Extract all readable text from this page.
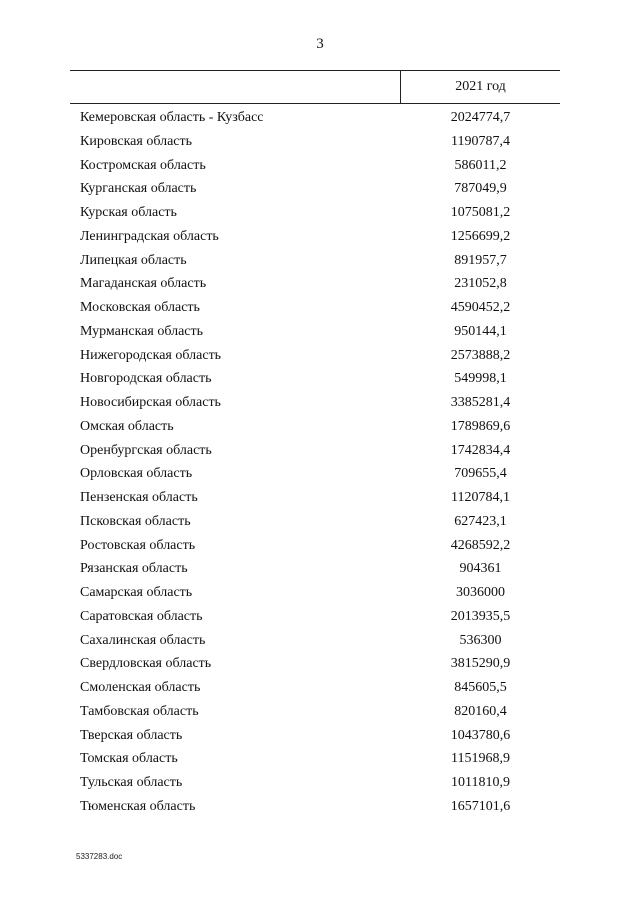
3
2021 год
Кемеровская область - Кузбасс	2024774,7
Кировская область	1190787,4
Костромская область	586011,2
Курганская область	787049,9
Курская область	1075081,2
Ленинградская область	1256699,2
Липецкая область	891957,7
Магаданская область	231052,8
Московская область	4590452,2
Мурманская область	950144,1
Нижегородская область	2573888,2
Новгородская область	549998,1
Новосибирская область	3385281,4
Омская область	1789869,6
Оренбургская область	1742834,4
Орловская область	709655,4
Пензенская область	1120784,1
Псковская область	627423,1
Ростовская область	4268592,2
Рязанская область	904361
Самарская область	3036000
Саратовская область	2013935,5
Сахалинская область	536300
Свердловская область	3815290,9
Смоленская область	845605,5
Тамбовская область	820160,4
Тверская область	1043780,6
Томская область	1151968,9
Тульская область	1011810,9
Тюменская область	1657101,6
5337283.doc
